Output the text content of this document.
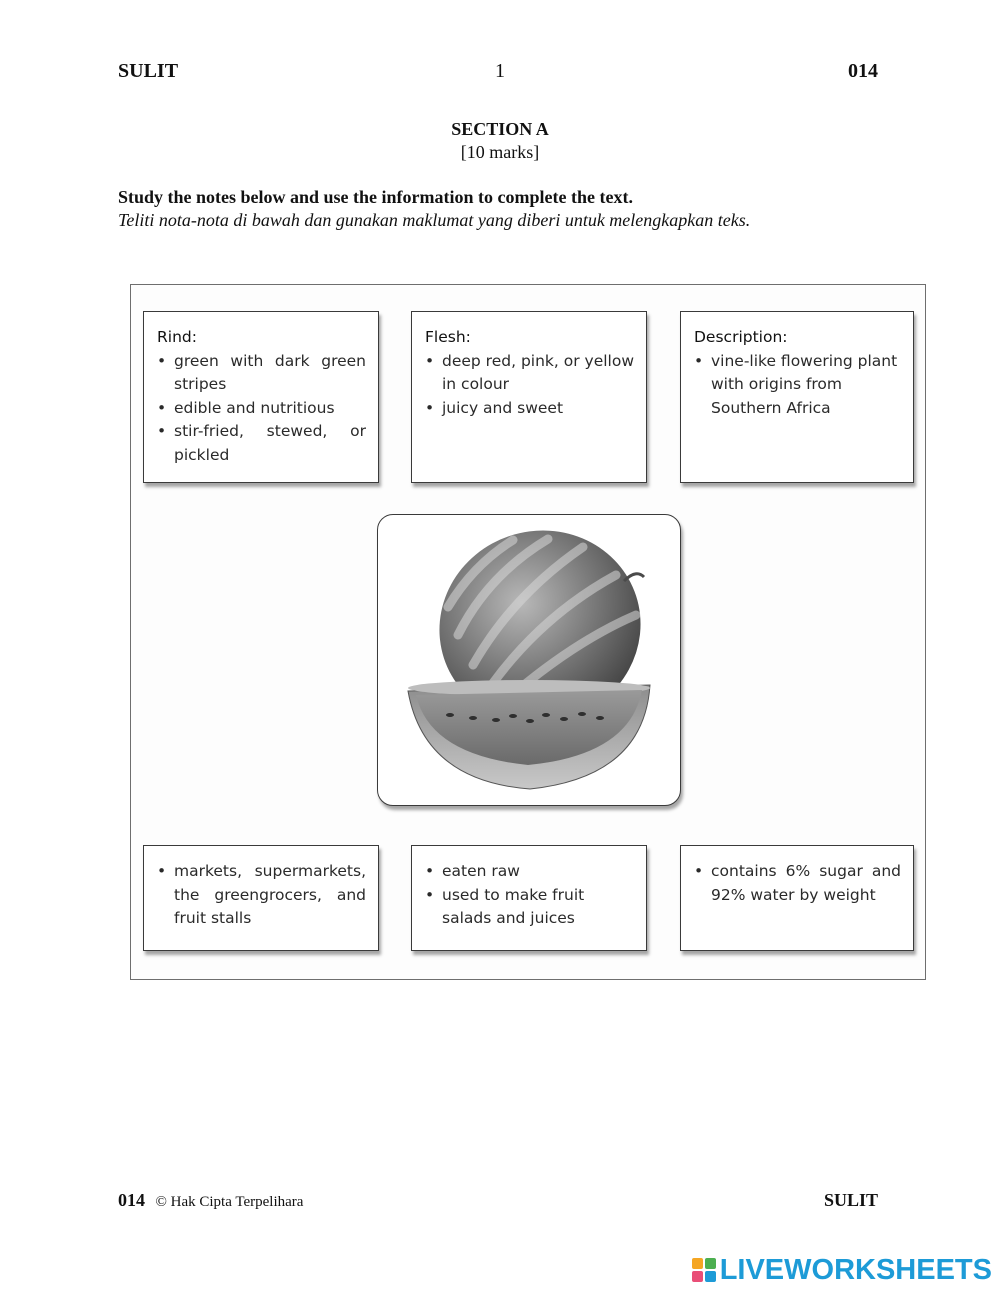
1
SULIT	014
SECTION A
[10 marks]
Study the notes below and use the information to complete the text.
Teliti nota-nota di bawah dan gunakan maklumat yang diberi untuk melengkapkan teks.
Rind:
• green with dark green stripes
• edible and nutritious
• stir-fried, stewed, or pickled
Flesh:
• deep red, pink, or yellow in colour
• juicy and sweet
Description:
• vine-like flowering plant with origins from Southern Africa
• markets, supermarkets, the greengrocers, and fruit stalls
• eaten raw
• used to make fruit salads and juices
• contains 6% sugar and 92% water by weight
014 © Hak Cipta Terpelihara	SULIT
LIVEWORKSHEETS
